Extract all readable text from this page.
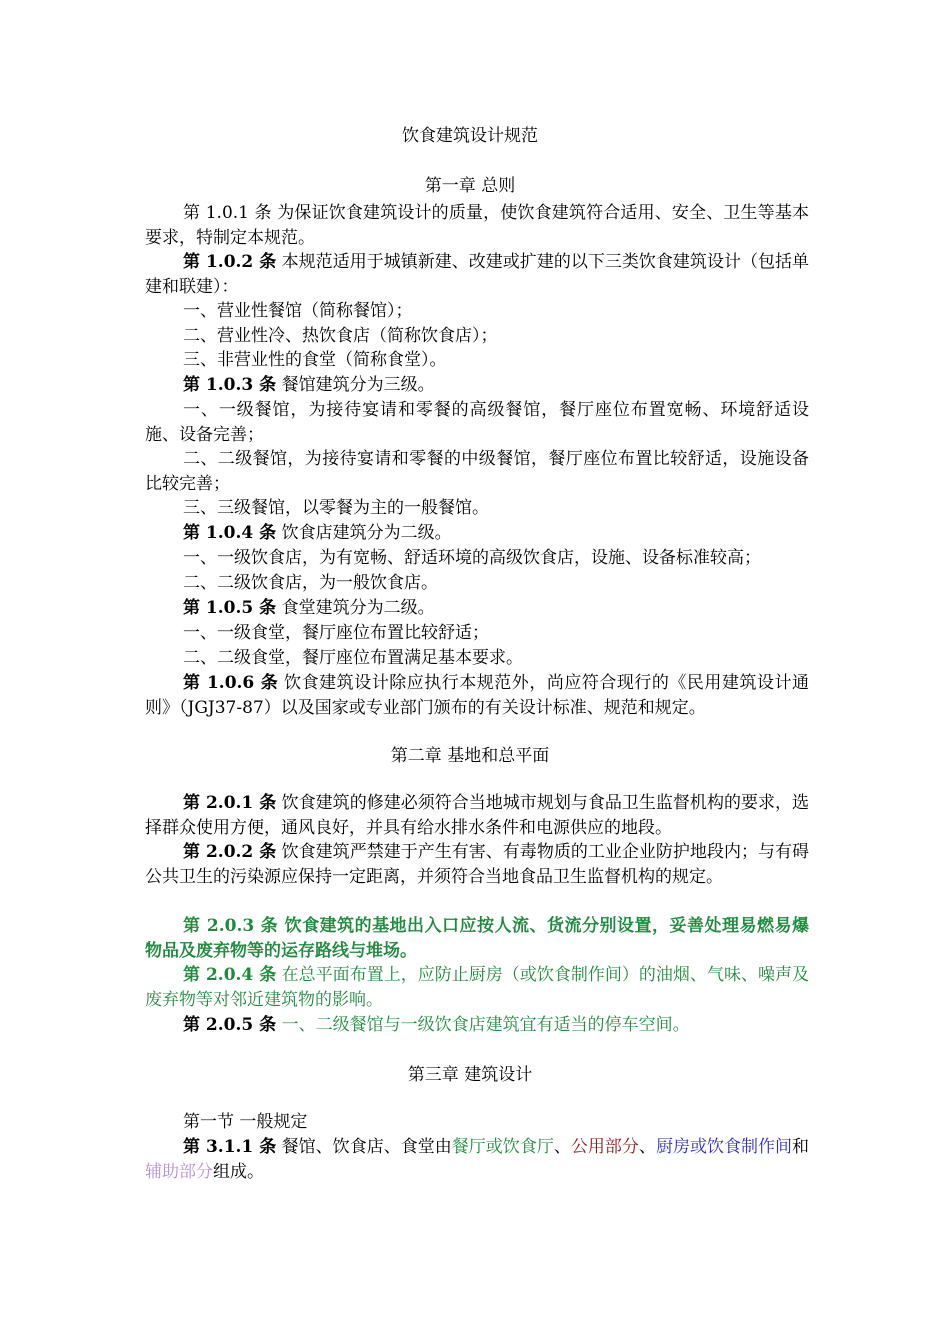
饮食建筑设计规范
第一章 总则
第 1.0.1 条 为保证饮食建筑设计的质量，使饮食建筑符合适用、安全、卫生等基本要求，特制定本规范。
第 1.0.2 条 本规范适用于城镇新建、改建或扩建的以下三类饮食建筑设计（包括单建和联建）：
一、营业性餐馆（简称餐馆）；
二、营业性冷、热饮食店（简称饮食店）；
三、非营业性的食堂（简称食堂）。
第 1.0.3 条 餐馆建筑分为三级。
一、一级餐馆，为接待宴请和零餐的高级餐馆，餐厅座位布置宽畅、环境舒适设施、设备完善；
二、二级餐馆，为接待宴请和零餐的中级餐馆，餐厅座位布置比较舒适，设施设备比较完善；
三、三级餐馆，以零餐为主的一般餐馆。
第 1.0.4 条 饮食店建筑分为二级。
一、一级饮食店，为有宽畅、舒适环境的高级饮食店，设施、设备标准较高；
二、二级饮食店，为一般饮食店。
第 1.0.5 条 食堂建筑分为二级。
一、一级食堂，餐厅座位布置比较舒适；
二、二级食堂，餐厅座位布置满足基本要求。
第 1.0.6 条 饮食建筑设计除应执行本规范外，尚应符合现行的《民用建筑设计通则》（JGJ37-87）以及国家或专业部门颁布的有关设计标准、规范和规定。
第二章 基地和总平面
第 2.0.1 条 饮食建筑的修建必须符合当地城市规划与食品卫生监督机构的要求，选择群众使用方便，通风良好，并具有给水排水条件和电源供应的地段。
第 2.0.2 条 饮食建筑严禁建于产生有害、有毒物质的工业企业防护地段内；与有碍公共卫生的污染源应保持一定距离，并须符合当地食品卫生监督机构的规定。
第 2.0.3 条 饮食建筑的基地出入口应按人流、货流分别设置，妥善处理易燃易爆物品及废弃物等的运存路线与堆场。
第 2.0.4 条 在总平面布置上，应防止厨房（或饮食制作间）的油烟、气味、噪声及废弃物等对邻近建筑物的影响。
第 2.0.5 条 一、二级餐馆与一级饮食店建筑宜有适当的停车空间。
第三章 建筑设计
第一节 一般规定
第 3.1.1 条 餐馆、饮食店、食堂由餐厅或饮食厅、公用部分、厨房或饮食制作间和辅助部分组成。
